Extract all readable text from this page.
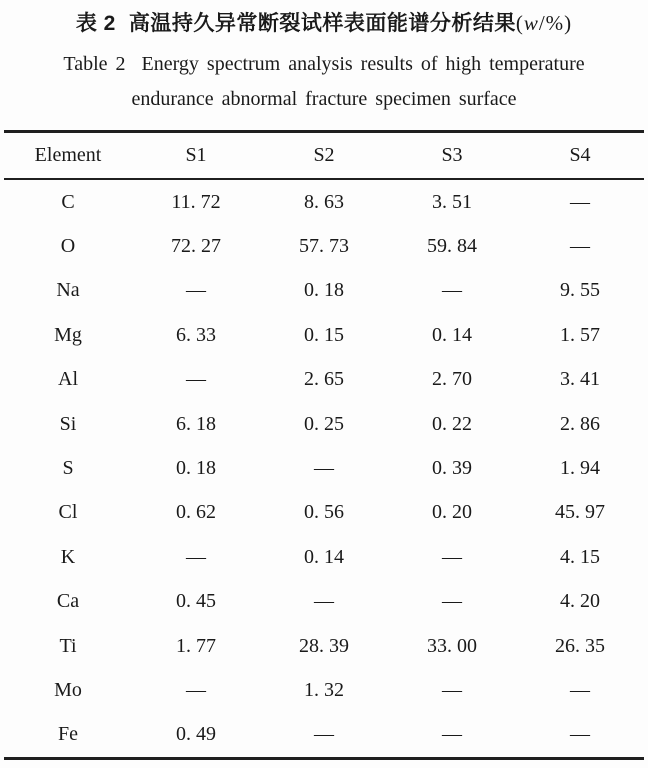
表 2 高温持久异常断裂试样表面能谱分析结果(w/%)
Table 2 Energy spectrum analysis results of high temperature
endurance abnormal fracture specimen surface
Element	S1	S2	S3	S4
C	11. 72	8. 63	3. 51	—
O	72. 27	57. 73	59. 84	—
Na	—	0. 18	—	9. 55
Mg	6. 33	0. 15	0. 14	1. 57
Al	—	2. 65	2. 70	3. 41
Si	6. 18	0. 25	0. 22	2. 86
S	0. 18	—	0. 39	1. 94
Cl	0. 62	0. 56	0. 20	45. 97
K	—	0. 14	—	4. 15
Ca	0. 45	—	—	4. 20
Ti	1. 77	28. 39	33. 00	26. 35
Mo	—	1. 32	—	—
Fe	0. 49	—	—	—
